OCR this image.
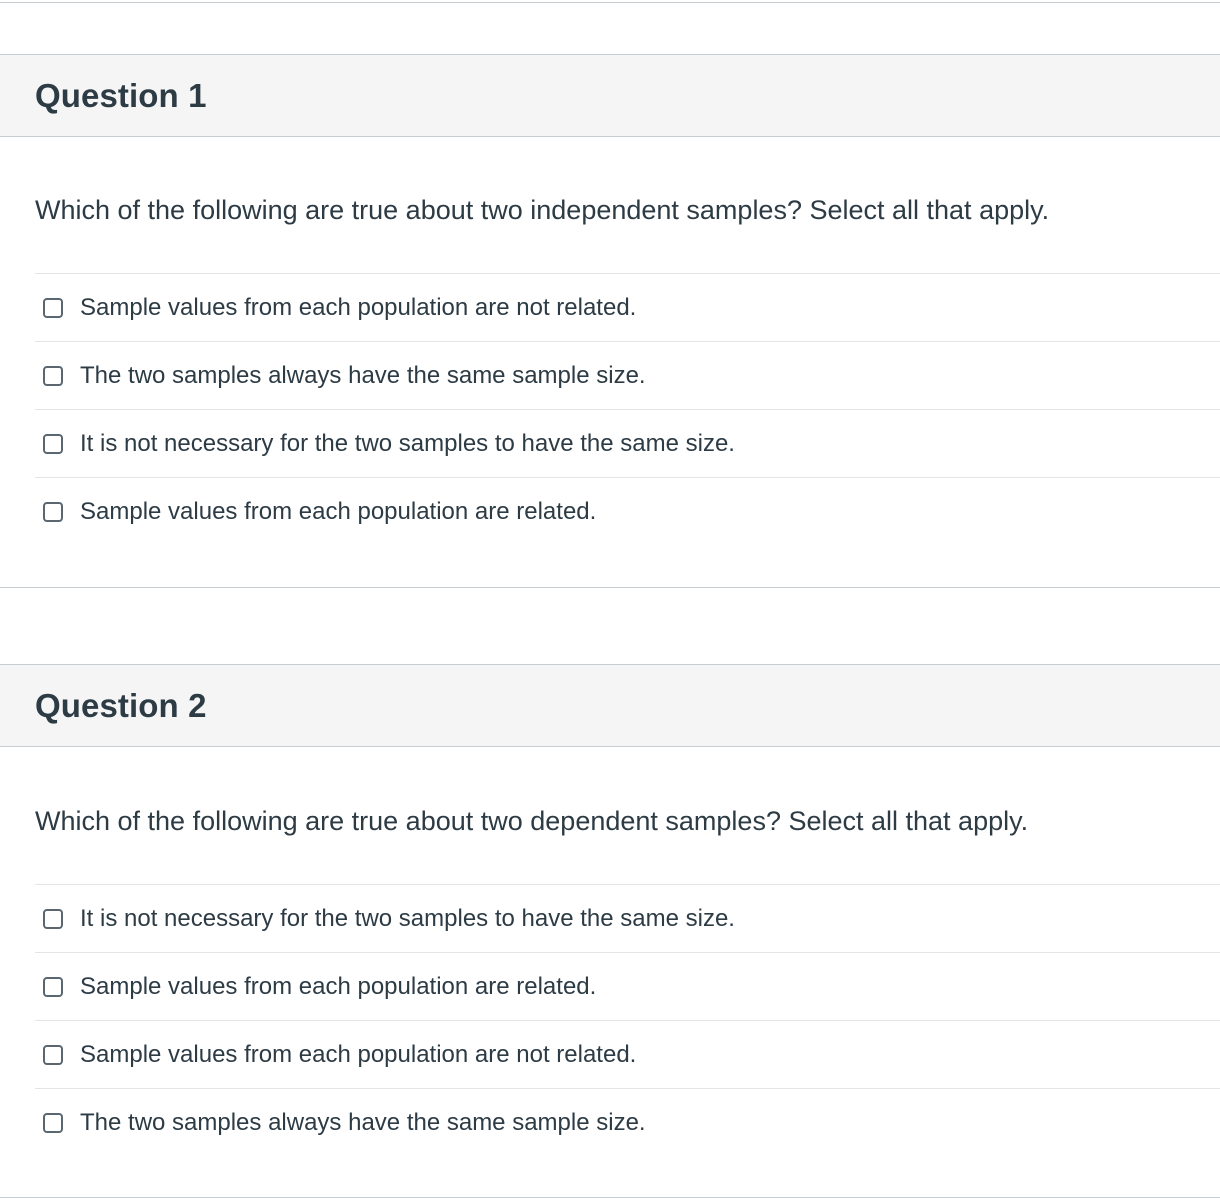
Question 1
Which of the following are true about two independent samples? Select all that apply.
Sample values from each population are not related.
The two samples always have the same sample size.
It is not necessary for the two samples to have the same size.
Sample values from each population are related.
Question 2
Which of the following are true about two dependent samples? Select all that apply.
It is not necessary for the two samples to have the same size.
Sample values from each population are related.
Sample values from each population are not related.
The two samples always have the same sample size.
